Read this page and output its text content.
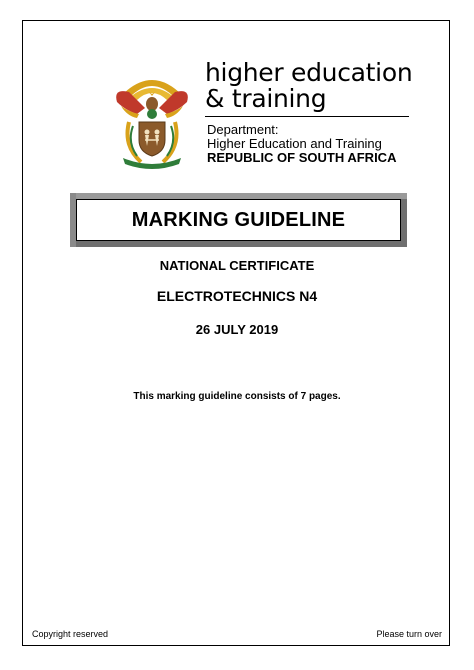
higher education
& training
Department:
Higher Education and Training
REPUBLIC OF SOUTH AFRICA
MARKING GUIDELINE
NATIONAL CERTIFICATE
ELECTROTECHNICS N4
26 JULY 2019
This marking guideline consists of 7 pages.
Copyright reserved	Please turn over
